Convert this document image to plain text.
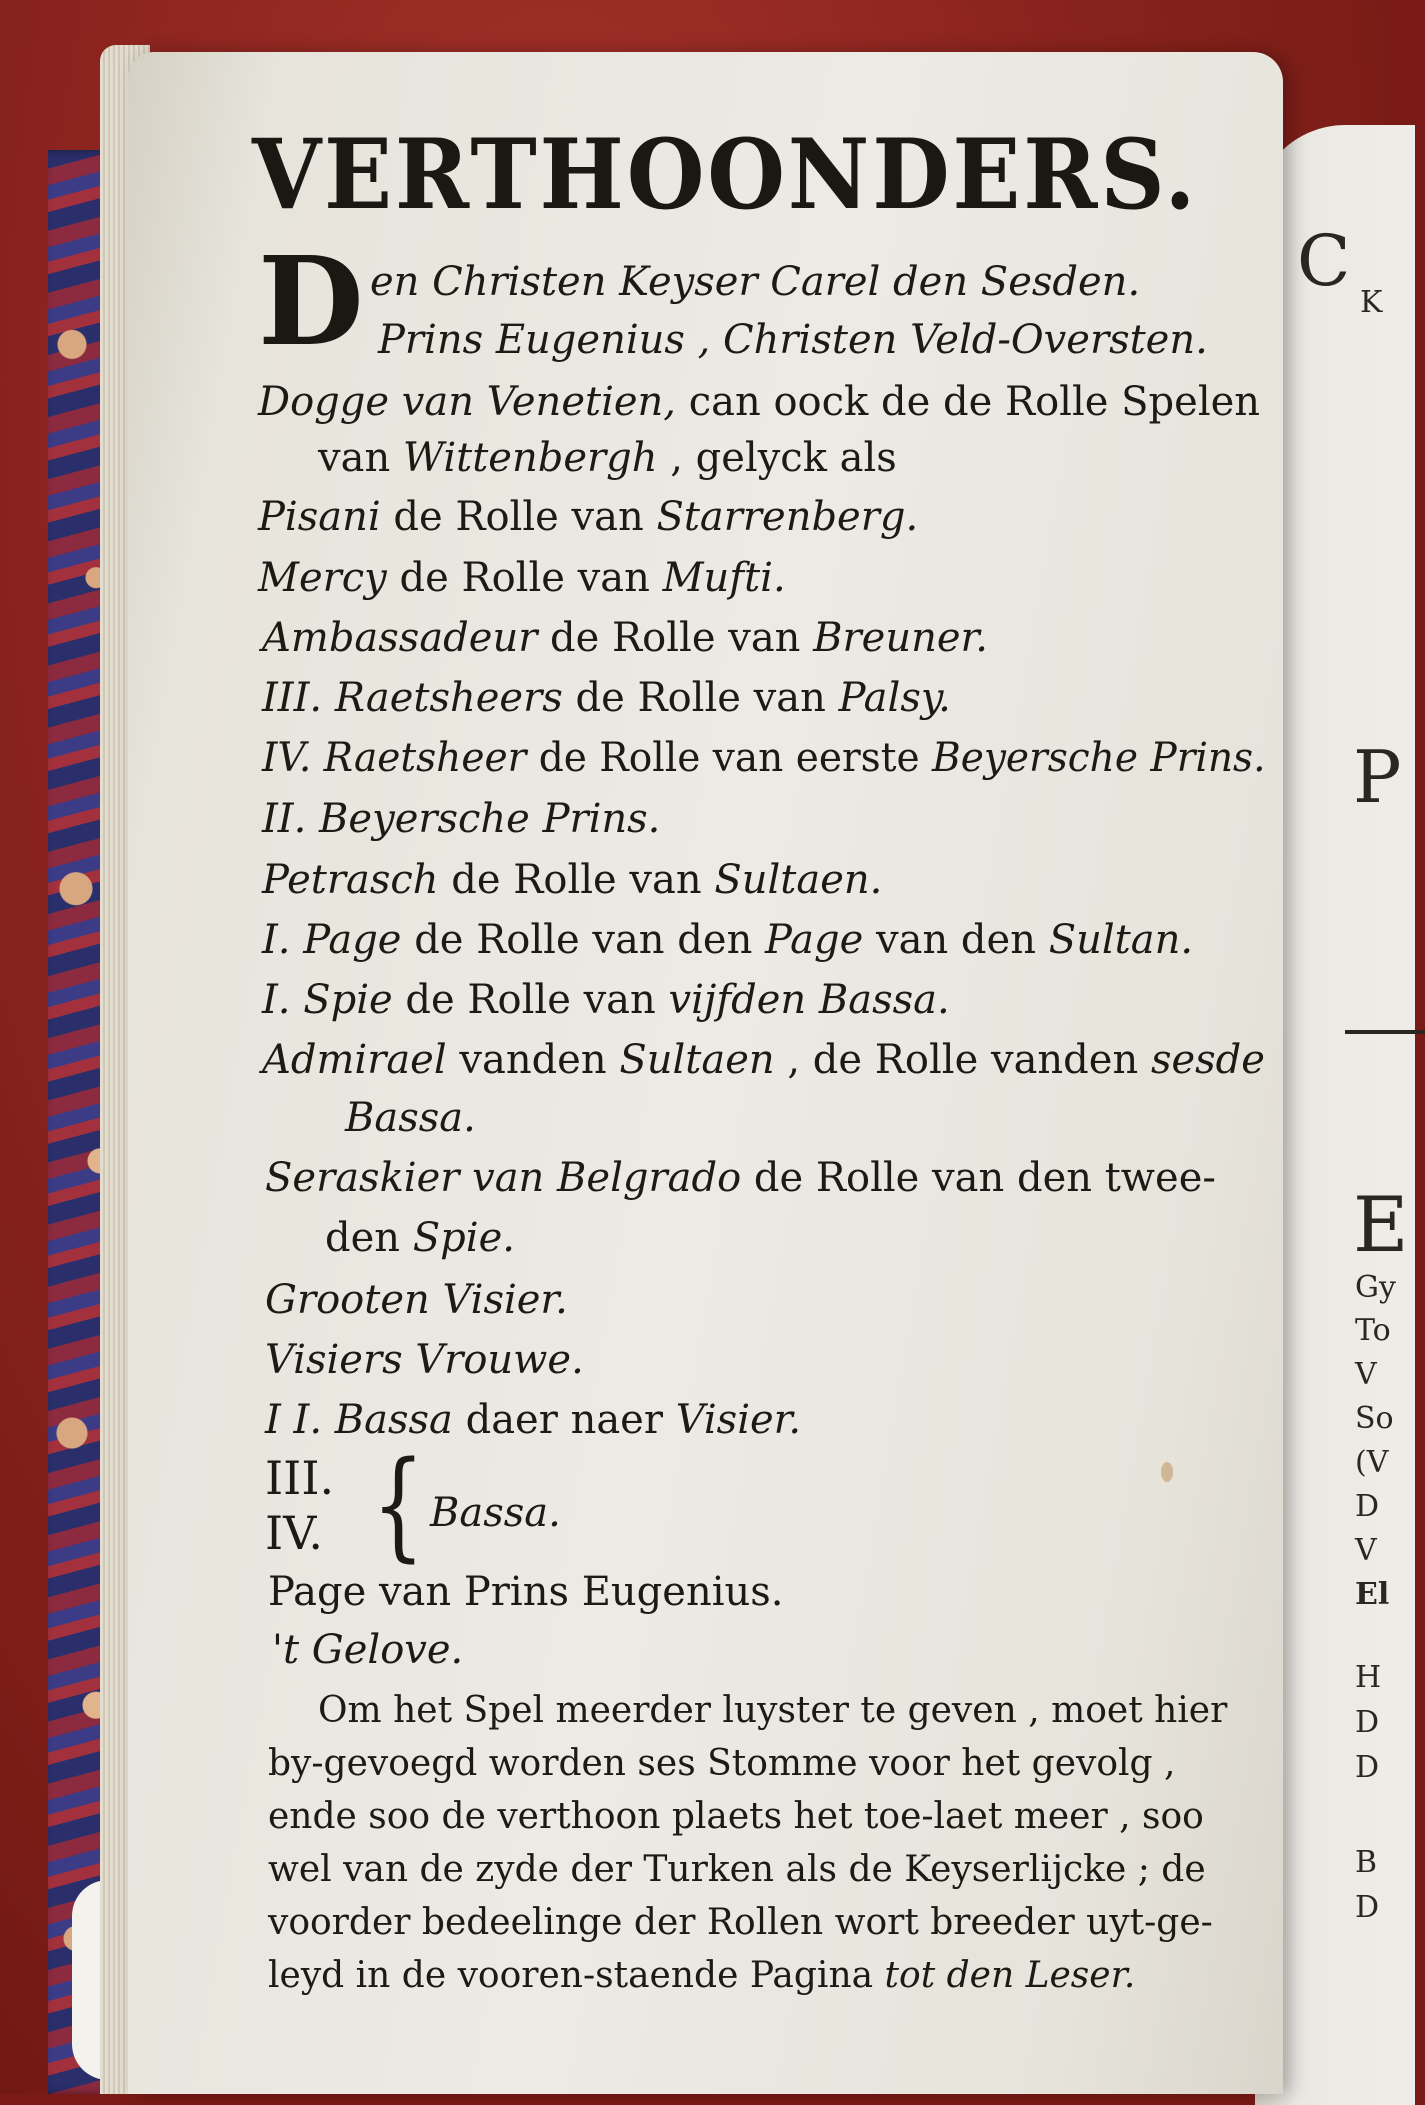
C
K
P
E
Gy
To
V
So
(V
D
V
El
H
D
D
B
D
VERTHOONDERS.
D en Christen Keyser Carel den Sesden.
Prins Eugenius , Christen Veld-Oversten.
Dogge van Venetien, can oock de de Rolle Spelen
van Wittenbergh , gelyck als
Pisani de Rolle van Starrenberg.
Mercy de Rolle van Mufti.
Ambassadeur de Rolle van Breuner.
III. Raetsheers de Rolle van Palsy.
IV. Raetsheer de Rolle van eerste Beyersche Prins.
II. Beyersche Prins.
Petrasch de Rolle van Sultaen.
I. Page de Rolle van den Page van den Sultan.
I. Spie de Rolle van vijfden Bassa.
Admirael vanden Sultaen , de Rolle vanden sesde
Bassa.
Seraskier van Belgrado de Rolle van den twee-
den Spie.
Grooten Visier.
Visiers Vrouwe.
I I. Bassa daer naer Visier.
III.
IV. { Bassa.
Page van Prins Eugenius.
't Gelove.
Om het Spel meerder luyster te geven , moet hier
by-gevoegd worden ses Stomme voor het gevolg ,
ende soo de verthoon plaets het toe-laet meer , soo
wel van de zyde der Turken als de Keyserlijcke ; de
voorder bedeelinge der Rollen wort breeder uyt-ge-
leyd in de vooren-staende Pagina tot den Leser.
